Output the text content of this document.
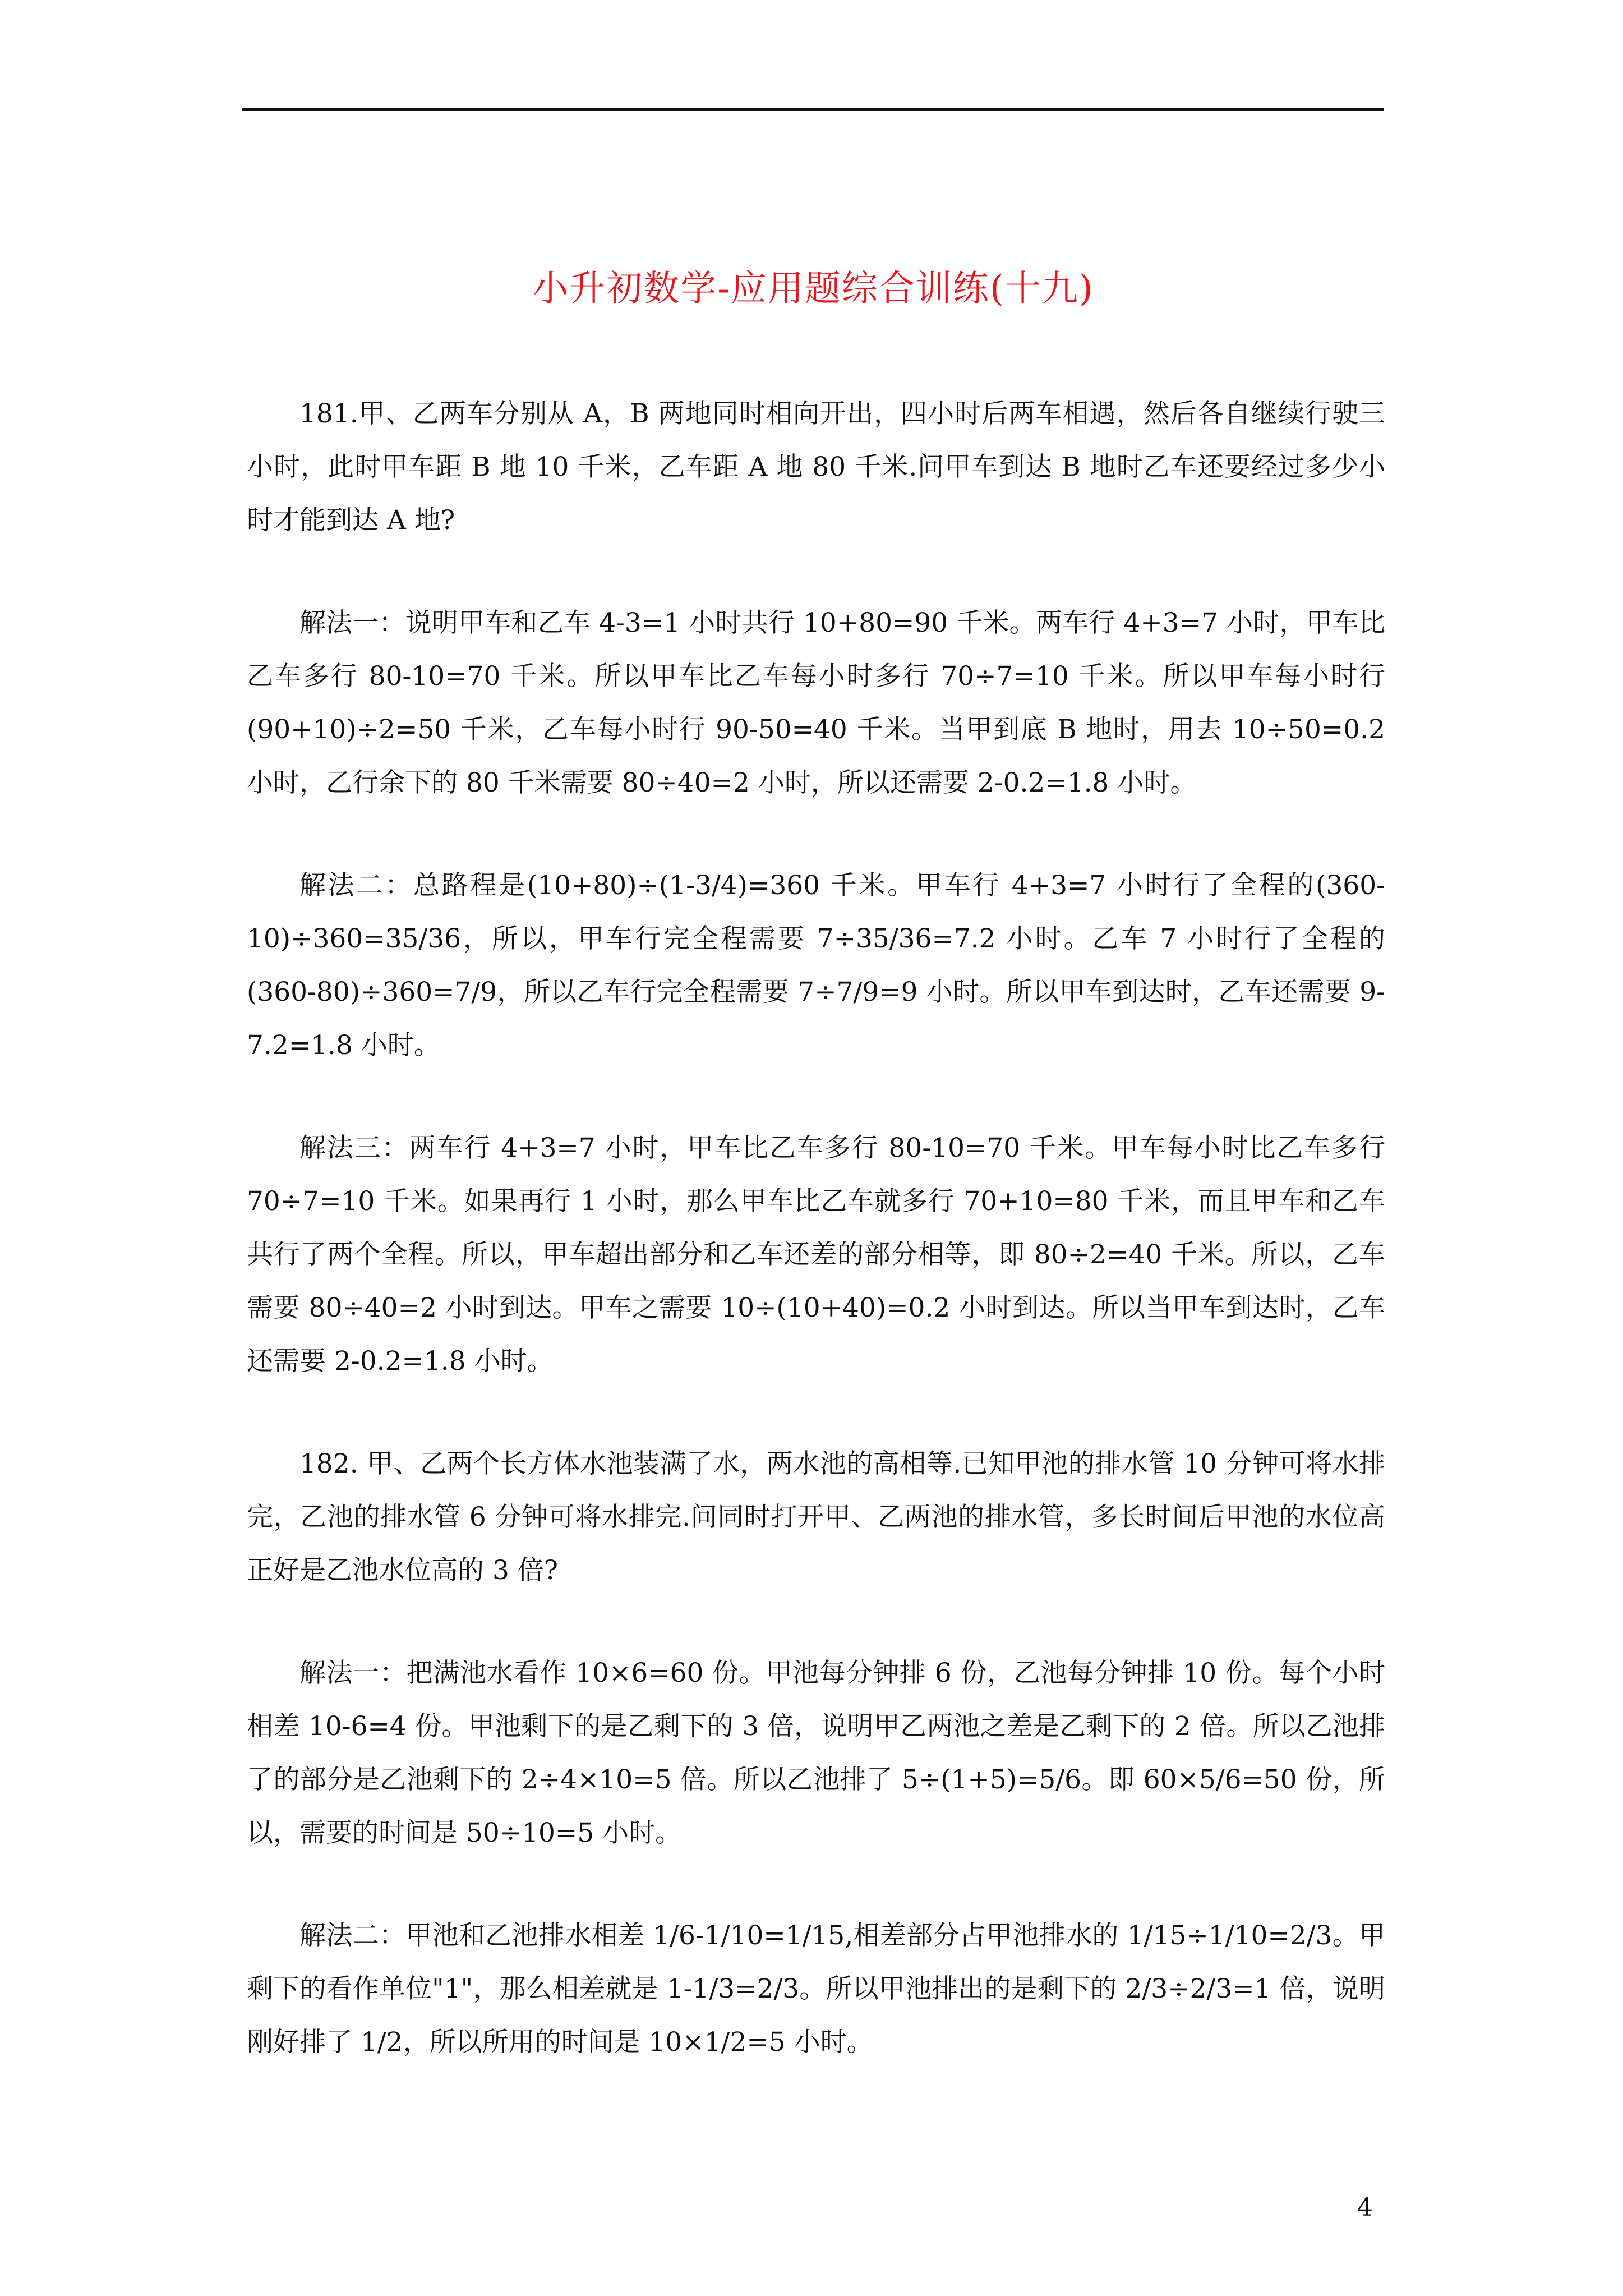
小升初数学-应用题综合训练(十九)

181.甲、乙两车分别从 A，B 两地同时相向开出，四小时后两车相遇，然后各自继续行驶三小时，此时甲车距 B 地 10 千米，乙车距 A 地 80 千米.问甲车到达 B 地时乙车还要经过多少小时才能到达 A 地?

解法一：说明甲车和乙车 4-3=1 小时共行 10+80=90 千米。两车行 4+3=7 小时，甲车比乙车多行 80-10=70 千米。所以甲车比乙车每小时多行 70÷7=10 千米。所以甲车每小时行(90+10)÷2=50 千米，乙车每小时行 90-50=40 千米。当甲到底 B 地时，用去 10÷50=0.2 小时，乙行余下的 80 千米需要 80÷40=2 小时，所以还需要 2-0.2=1.8 小时。

解法二：总路程是(10+80)÷(1-3/4)=360 千米。甲车行 4+3=7 小时行了全程的(360-10)÷360=35/36，所以，甲车行完全程需要 7÷35/36=7.2 小时。乙车 7 小时行了全程的(360-80)÷360=7/9，所以乙车行完全程需要 7÷7/9=9 小时。所以甲车到达时，乙车还需要 9-7.2=1.8 小时。

解法三：两车行 4+3=7 小时，甲车比乙车多行 80-10=70 千米。甲车每小时比乙车多行 70÷7=10 千米。如果再行 1 小时，那么甲车比乙车就多行 70+10=80 千米，而且甲车和乙车共行了两个全程。所以，甲车超出部分和乙车还差的部分相等，即 80÷2=40 千米。所以，乙车需要 80÷40=2 小时到达。甲车之需要 10÷(10+40)=0.2 小时到达。所以当甲车到达时，乙车还需要 2-0.2=1.8 小时。

182. 甲、乙两个长方体水池装满了水，两水池的高相等.已知甲池的排水管 10 分钟可将水排完，乙池的排水管 6 分钟可将水排完.问同时打开甲、乙两池的排水管，多长时间后甲池的水位高正好是乙池水位高的 3 倍?

解法一：把满池水看作 10×6=60 份。甲池每分钟排 6 份，乙池每分钟排 10 份。每个小时相差 10-6=4 份。甲池剩下的是乙剩下的 3 倍，说明甲乙两池之差是乙剩下的 2 倍。所以乙池排了的部分是乙池剩下的 2÷4×10=5 倍。所以乙池排了 5÷(1+5)=5/6。即 60×5/6=50 份，所以，需要的时间是 50÷10=5 小时。

解法二：甲池和乙池排水相差 1/6-1/10=1/15,相差部分占甲池排水的 1/15÷1/10=2/3。甲剩下的看作单位"1"，那么相差就是 1-1/3=2/3。所以甲池排出的是剩下的 2/3÷2/3=1 倍，说明刚好排了 1/2，所以所用的时间是 10×1/2=5 小时。

4
